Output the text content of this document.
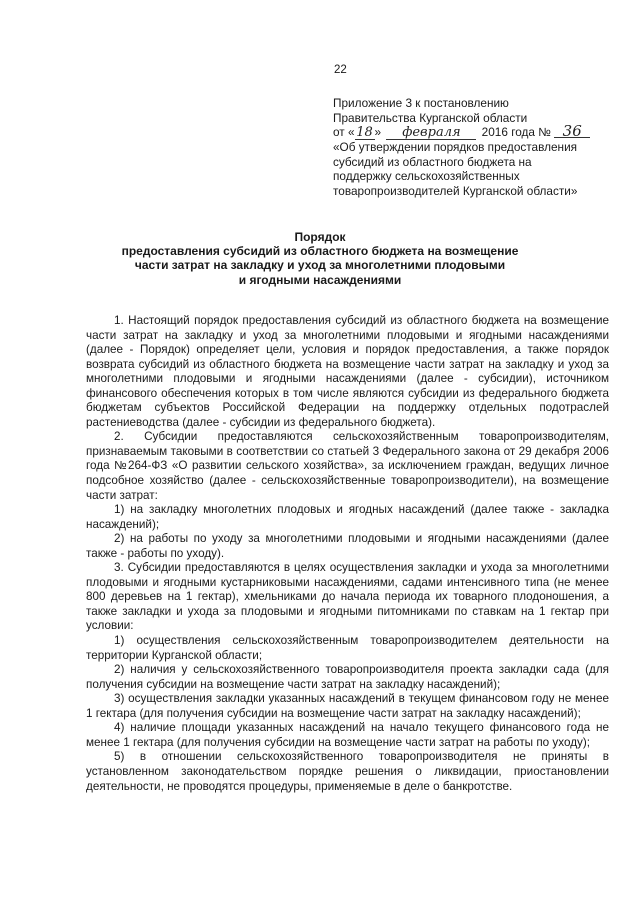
22
Приложение 3 к постановлению
Правительства Курганской области
от « 18 » февраля 2016 года № 36
«Об утверждении порядков предоставления
субсидий из областного бюджета на
поддержку сельскохозяйственных
товаропроизводителей Курганской области»
Порядок
предоставления субсидий из областного бюджета на возмещение
части затрат на закладку и уход за многолетними плодовыми
и ягодными насаждениями

1. Настоящий порядок предоставления субсидий из областного бюджета на возмещение части затрат на закладку и уход за многолетними плодовыми и ягодными насаждениями (далее - Порядок) определяет цели, условия и порядок предоставления, а также порядок возврата субсидий из областного бюджета на возмещение части затрат на закладку и уход за многолетними плодовыми и ягодными насаждениями (далее - субсидии), источником финансового обеспечения которых в том числе являются субсидии из федерального бюджета бюджетам субъектов Российской Федерации на поддержку отдельных подотраслей растениеводства (далее - субсидии из федерального бюджета).

2. Субсидии предоставляются сельскохозяйственным товаропроизводителям, признаваемым таковыми в соответствии со статьей 3 Федерального закона от 29 декабря 2006 года №264-ФЗ «О развитии сельского хозяйства», за исключением граждан, ведущих личное подсобное хозяйство (далее - сельскохозяйственные товаропроизводители), на возмещение части затрат:

1) на закладку многолетних плодовых и ягодных насаждений (далее также - закладка насаждений);

2) на работы по уходу за многолетними плодовыми и ягодными насаждениями (далее также - работы по уходу).

3. Субсидии предоставляются в целях осуществления закладки и ухода за многолетними плодовыми и ягодными кустарниковыми насаждениями, садами интенсивного типа (не менее 800 деревьев на 1 гектар), хмельниками до начала периода их товарного плодоношения, а также закладки и ухода за плодовыми и ягодными питомниками по ставкам на 1 гектар при условии:

1) осуществления сельскохозяйственным товаропроизводителем деятельности на территории Курганской области;

2) наличия у сельскохозяйственного товаропроизводителя проекта закладки сада (для получения субсидии на возмещение части затрат на закладку насаждений);

3) осуществления закладки указанных насаждений в текущем финансовом году не менее 1 гектара (для получения субсидии на возмещение части затрат на закладку насаждений);

4) наличие площади указанных насаждений на начало текущего финансового года не менее 1 гектара (для получения субсидии на возмещение части затрат на работы по уходу);

5) в отношении сельскохозяйственного товаропроизводителя не приняты в установленном законодательством порядке решения о ликвидации, приостановлении деятельности, не проводятся процедуры, применяемые в деле о банкротстве.
